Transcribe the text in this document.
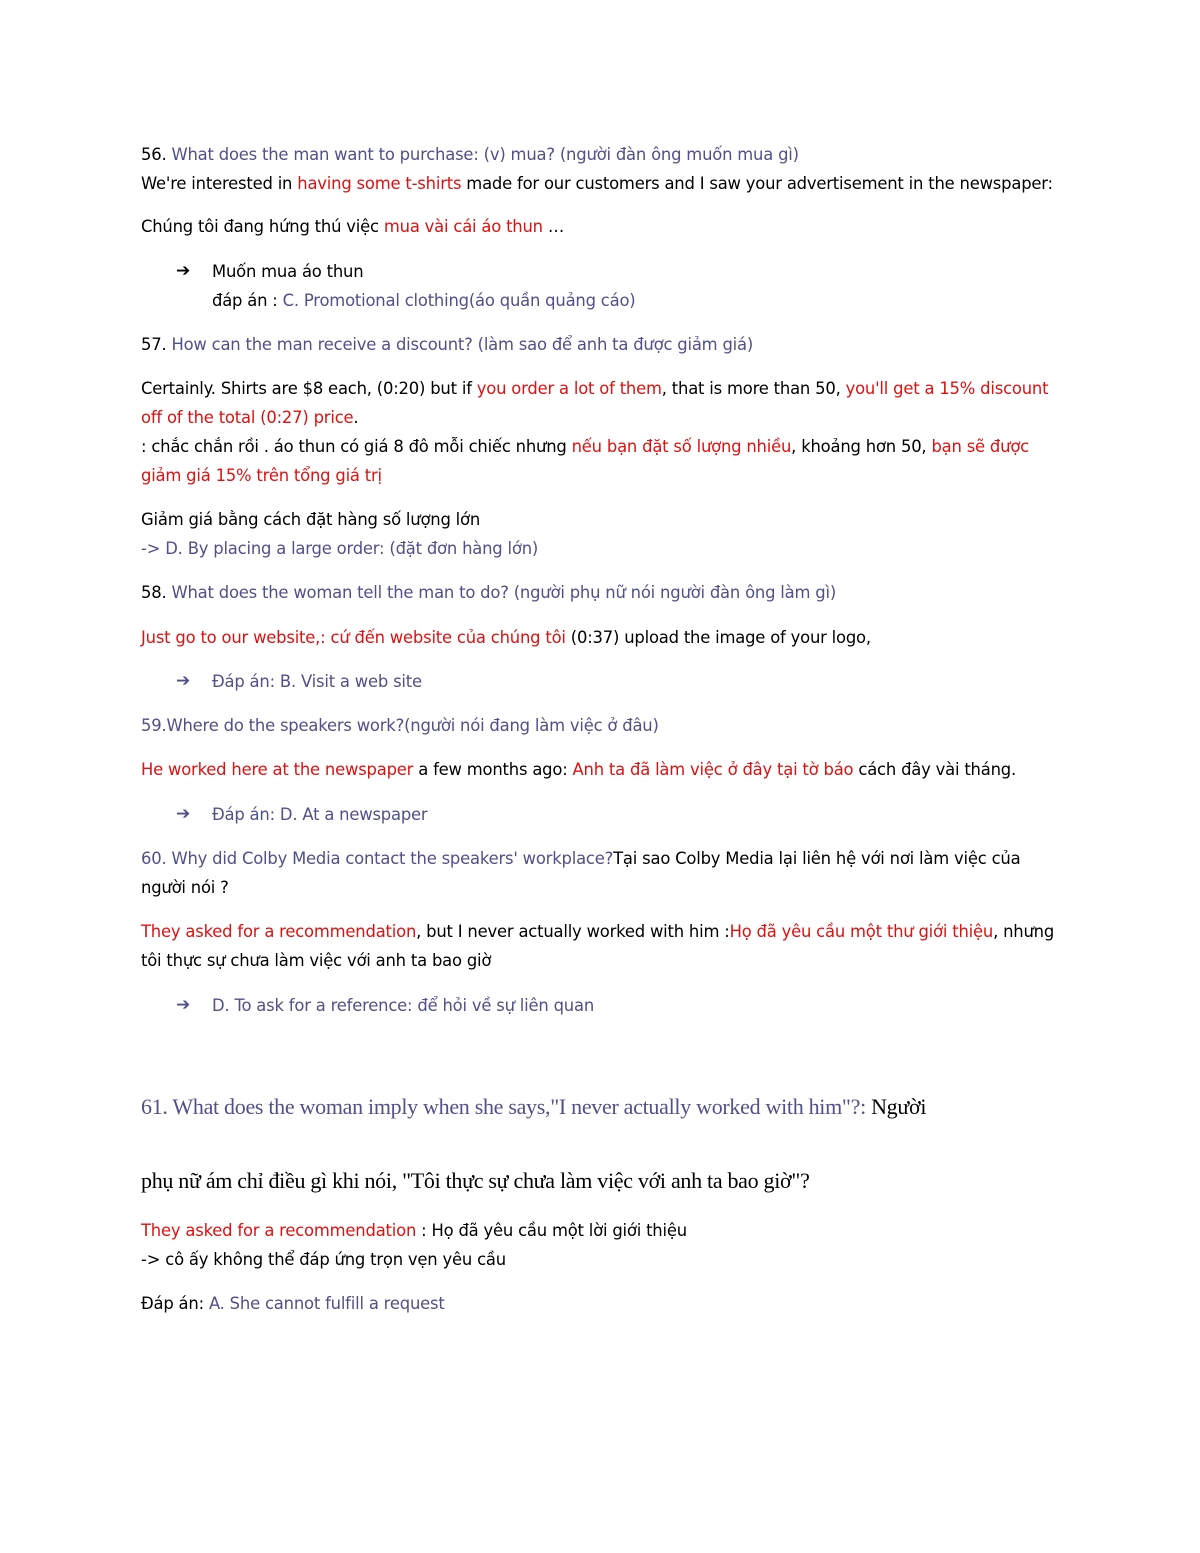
56. What does the man want to purchase: (v) mua? (người đàn ông muốn mua gì)

We're interested in having some t-shirts made for our customers and I saw your advertisement in the newspaper:

Chúng tôi đang hứng thú việc mua vài cái áo thun …

➔ Muốn mua áo thun

đáp án : C. Promotional clothing(áo quần quảng cáo)

57. How can the man receive a discount? (làm sao để anh ta được giảm giá)

Certainly. Shirts are $8 each, (0:20) but if you order a lot of them, that is more than 50, you'll get a 15% discount off of the total (0:27) price.

: chắc chắn rồi . áo thun có giá 8 đô mỗi chiếc nhưng nếu bạn đặt số lượng nhiều, khoảng hơn 50, bạn sẽ được giảm giá 15% trên tổng giá trị

Giảm giá bằng cách đặt hàng số lượng lớn

-> D. By placing a large order: (đặt đơn hàng lớn)

58. What does the woman tell the man to do? (người phụ nữ nói người đàn ông làm gì)

Just go to our website,: cứ đến website của chúng tôi (0:37) upload the image of your logo,

➔ Đáp án: B. Visit a web site

59.Where do the speakers work?(người nói đang làm việc ở đâu)

He worked here at the newspaper a few months ago: Anh ta đã làm việc ở đây tại tờ báo cách đây vài tháng.

➔ Đáp án: D. At a newspaper

60. Why did Colby Media contact the speakers' workplace?Tại sao Colby Media lại liên hệ với nơi làm việc của người nói ?

They asked for a recommendation, but I never actually worked with him :Họ đã yêu cầu một thư giới thiệu, nhưng tôi thực sự chưa làm việc với anh ta bao giờ

➔ D. To ask for a reference: để hỏi về sự liên quan

61. What does the woman imply when she says,"I never actually worked with him"?: Người

phụ nữ ám chỉ điều gì khi nói, "Tôi thực sự chưa làm việc với anh ta bao giờ"?

They asked for a recommendation : Họ đã yêu cầu một lời giới thiệu

-> cô ấy không thể đáp ứng trọn vẹn yêu cầu

Đáp án: A. She cannot fulfill a request
